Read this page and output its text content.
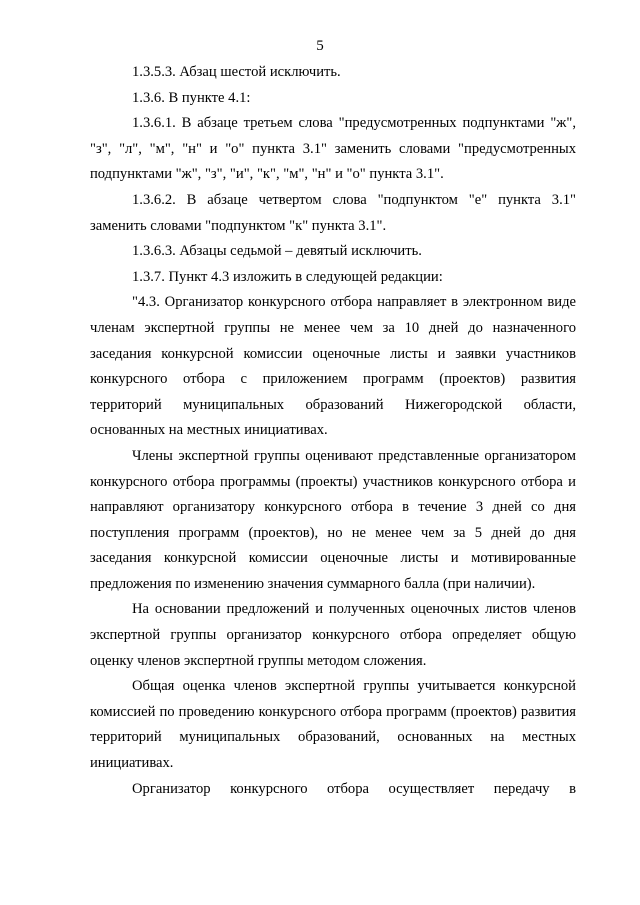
5

1.3.5.3. Абзац шестой исключить.

1.3.6. В пункте 4.1:

1.3.6.1. В абзаце третьем слова "предусмотренных подпунктами "ж", "з", "л", "м", "н" и "о" пункта 3.1" заменить словами "предусмотренных подпунктами "ж", "з", "и", "к", "м", "н" и "о" пункта 3.1".

1.3.6.2. В абзаце четвертом слова "подпунктом "е" пункта 3.1" заменить словами "подпунктом "к" пункта 3.1".

1.3.6.3. Абзацы седьмой – девятый исключить.

1.3.7. Пункт 4.3 изложить в следующей редакции:

"4.3. Организатор конкурсного отбора направляет в электронном виде членам экспертной группы не менее чем за 10 дней до назначенного заседания конкурсной комиссии оценочные листы и заявки участников конкурсного отбора с приложением программ (проектов) развития территорий муниципальных образований Нижегородской области, основанных на местных инициативах.

Члены экспертной группы оценивают представленные организатором конкурсного отбора программы (проекты) участников конкурсного отбора и направляют организатору конкурсного отбора в течение 3 дней со дня поступления программ (проектов), но не менее чем за 5 дней до дня заседания конкурсной комиссии оценочные листы и мотивированные предложения по изменению значения суммарного балла (при наличии).

На основании предложений и полученных оценочных листов членов экспертной группы организатор конкурсного отбора определяет общую оценку членов экспертной группы методом сложения.

Общая оценка членов экспертной группы учитывается конкурсной комиссией по проведению конкурсного отбора программ (проектов) развития территорий муниципальных образований, основанных на местных инициативах.

Организатор конкурсного отбора осуществляет передачу в
